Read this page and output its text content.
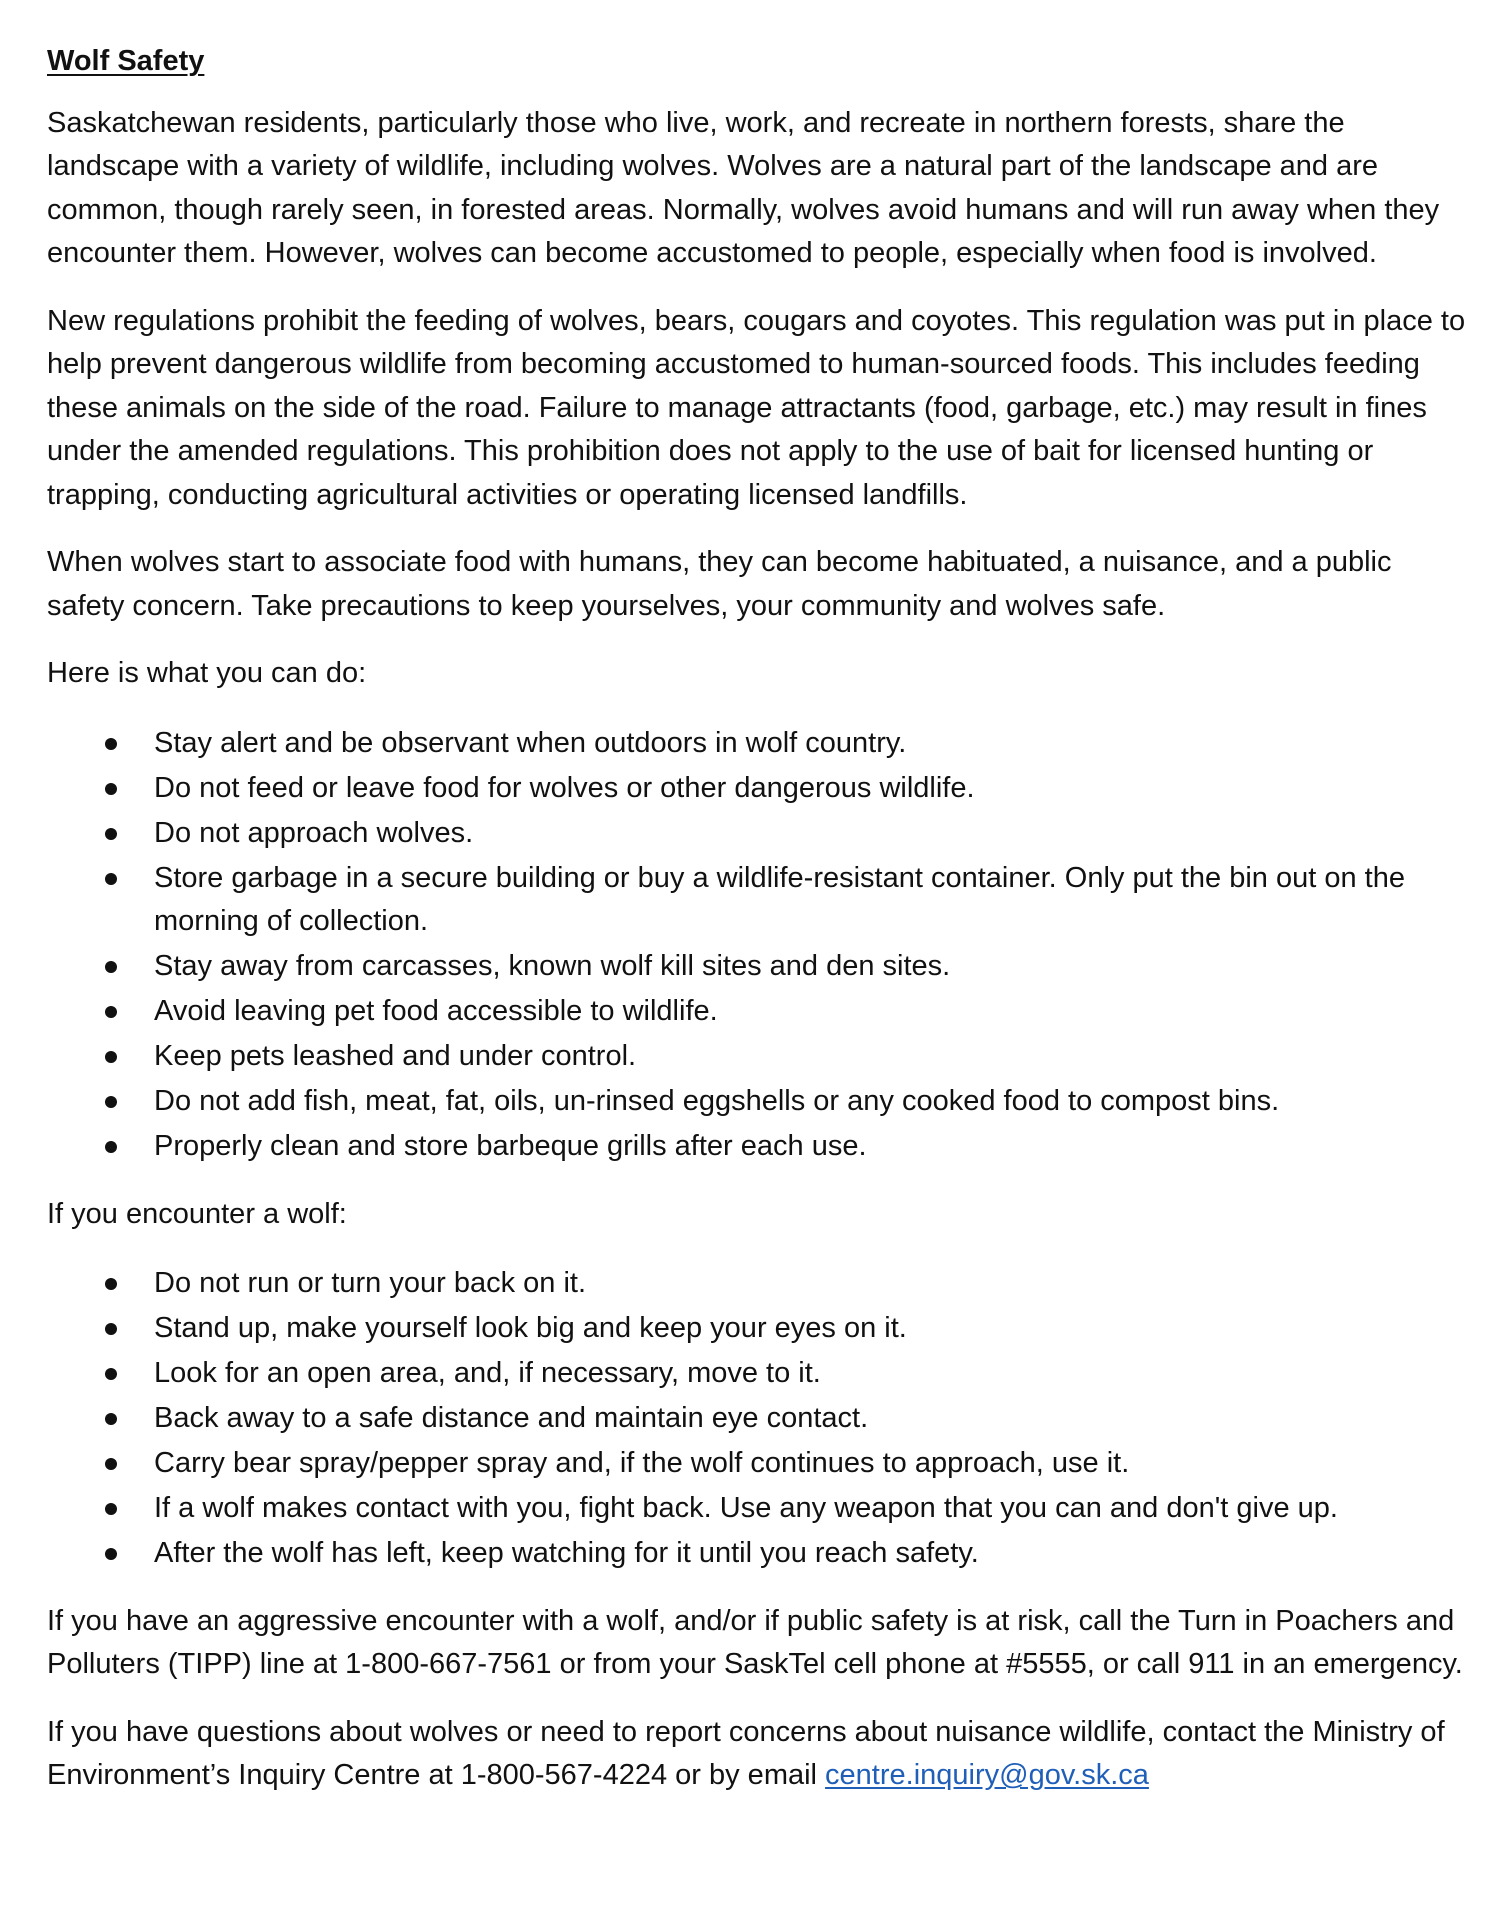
Wolf Safety

Saskatchewan residents, particularly those who live, work, and recreate in northern forests, share the landscape with a variety of wildlife, including wolves. Wolves are a natural part of the landscape and are common, though rarely seen, in forested areas. Normally, wolves avoid humans and will run away when they encounter them. However, wolves can become accustomed to people, especially when food is involved.

New regulations prohibit the feeding of wolves, bears, cougars and coyotes. This regulation was put in place to help prevent dangerous wildlife from becoming accustomed to human-sourced foods. This includes feeding these animals on the side of the road. Failure to manage attractants (food, garbage, etc.) may result in fines under the amended regulations. This prohibition does not apply to the use of bait for licensed hunting or trapping, conducting agricultural activities or operating licensed landfills.

When wolves start to associate food with humans, they can become habituated, a nuisance, and a public safety concern. Take precautions to keep yourselves, your community and wolves safe.

Here is what you can do:

Stay alert and be observant when outdoors in wolf country.
Do not feed or leave food for wolves or other dangerous wildlife.
Do not approach wolves.
Store garbage in a secure building or buy a wildlife-resistant container. Only put the bin out on the morning of collection.
Stay away from carcasses, known wolf kill sites and den sites.
Avoid leaving pet food accessible to wildlife.
Keep pets leashed and under control.
Do not add fish, meat, fat, oils, un-rinsed eggshells or any cooked food to compost bins.
Properly clean and store barbeque grills after each use.

If you encounter a wolf:

Do not run or turn your back on it.
Stand up, make yourself look big and keep your eyes on it.
Look for an open area, and, if necessary, move to it.
Back away to a safe distance and maintain eye contact.
Carry bear spray/pepper spray and, if the wolf continues to approach, use it.
If a wolf makes contact with you, fight back. Use any weapon that you can and don't give up.
After the wolf has left, keep watching for it until you reach safety.

If you have an aggressive encounter with a wolf, and/or if public safety is at risk, call the Turn in Poachers and Polluters (TIPP) line at 1-800-667-7561 or from your SaskTel cell phone at #5555, or call 911 in an emergency.

If you have questions about wolves or need to report concerns about nuisance wildlife, contact the Ministry of Environment’s Inquiry Centre at 1-800-567-4224 or by email centre.inquiry@gov.sk.ca
